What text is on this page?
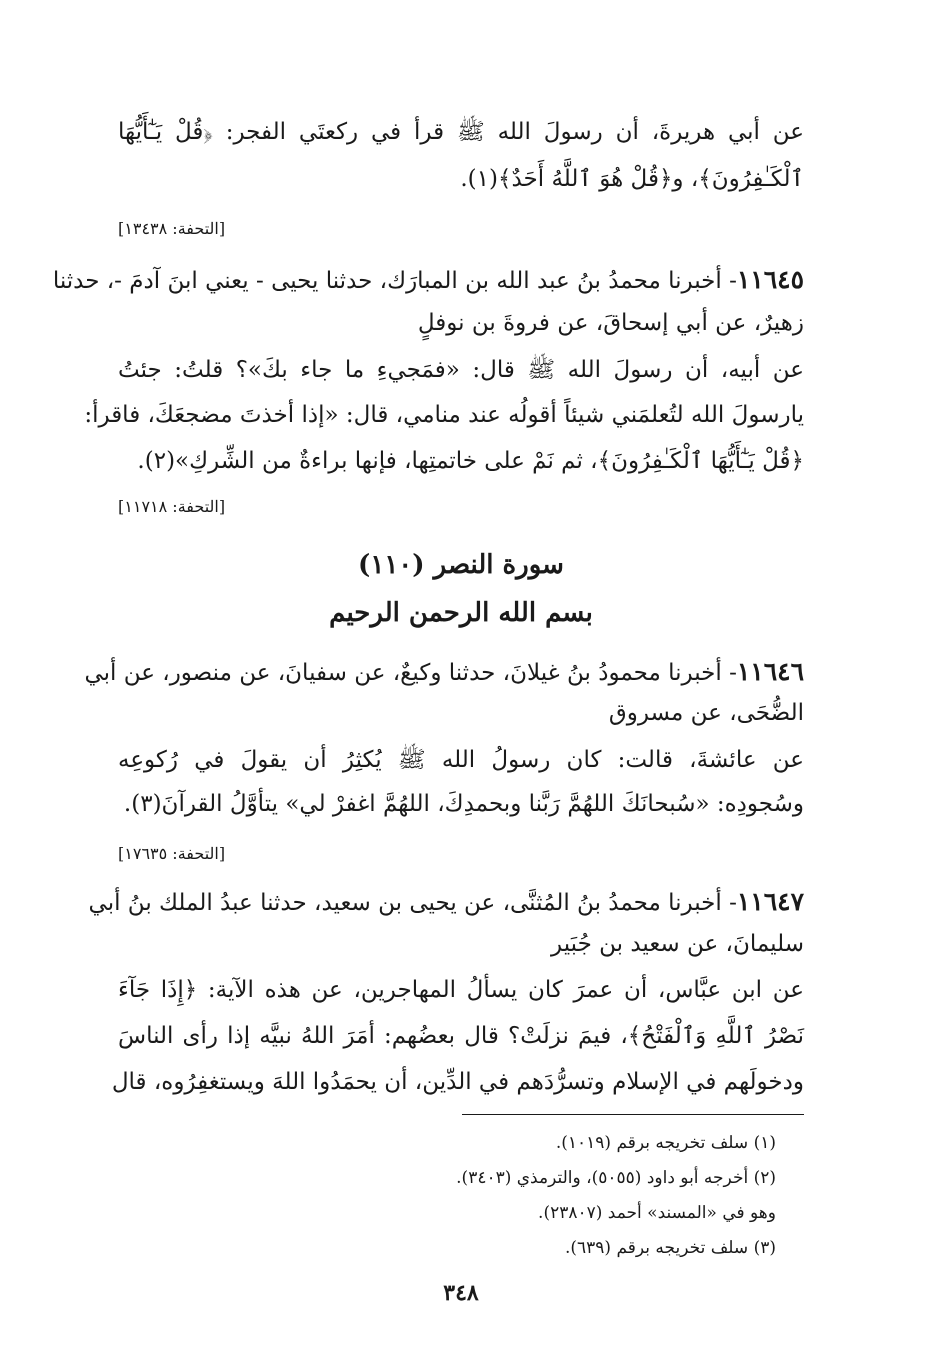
عن أبي هريرةَ، أن رسولَ الله ﷺ قرأ في ركعتَي الفجر: ﴿قُلْ يَـٰٓأَيُّهَا
ٱلْكَـٰفِرُونَ﴾، و﴿قُلْ هُوَ ٱللَّهُ أَحَدٌ﴾(١).
[التحفة: ١٣٤٣٨]
١١٦٤٥- أخبرنا محمدُ بنُ عبد الله بن المبارَك، حدثنا يحيى - يعني ابنَ آدمَ -، حدثنا
زهيرٌ، عن أبي إسحاقَ، عن فروةَ بن نوفلٍ
عن أبيه، أن رسولَ الله ﷺ قال: «فمَجيءِ ما جاء بكَ»؟ قلتُ: جئتُ
يارسولَ الله لتُعلمَني شيئاً أقولُه عند منامي، قال: «إذا أخذتَ مضجعَكَ، فاقرأ:
﴿قُلْ يَـٰٓأَيُّهَا ٱلْكَـٰفِرُونَ﴾، ثم نَمْ على خاتمتِها، فإنها براءةٌ من الشِّركِ»(٢).
[التحفة: ١١٧١٨]
سورة النصر (١١٠)
بسم الله الرحمن الرحيم
١١٦٤٦- أخبرنا محمودُ بنُ غيلانَ، حدثنا وكيعٌ، عن سفيانَ، عن منصور، عن أبي
الضُّحَى، عن مسروق
عن عائشةَ، قالت: كان رسولُ الله ﷺ يُكثِرُ أن يقولَ في رُكوعِه
وسُجودِه: «سُبحانَكَ اللهُمَّ رَبَّنا وبحمدِكَ، اللهُمَّ اغفرْ لي» يتأوَّلُ القرآنَ(٣).
[التحفة: ١٧٦٣٥]
١١٦٤٧- أخبرنا محمدُ بنُ المُثنَّى، عن يحيى بن سعيد، حدثنا عبدُ الملك بنُ أبي
سليمانَ، عن سعيد بن جُبَير
عن ابن عبَّاس، أن عمرَ كان يسألُ المهاجرين، عن هذه الآية: ﴿إِذَا جَآءَ
نَصْرُ ٱللَّهِ وَٱلْفَتْحُ﴾، فيمَ نزلَتْ؟ قال بعضُهم: أمَرَ اللهُ نبيَّه إذا رأى الناسَ
ودخولَهم في الإسلام وتسرُّدَهم في الدِّين، أن يحمَدُوا اللهَ ويستغفِرُوه، قال
(١) سلف تخريجه برقم (١٠١٩).
(٢) أخرجه أبو داود (٥٠٥٥)، والترمذي (٣٤٠٣).
وهو في «المسند» أحمد (٢٣٨٠٧).
(٣) سلف تخريجه برقم (٦٣٩).
٣٤٨
